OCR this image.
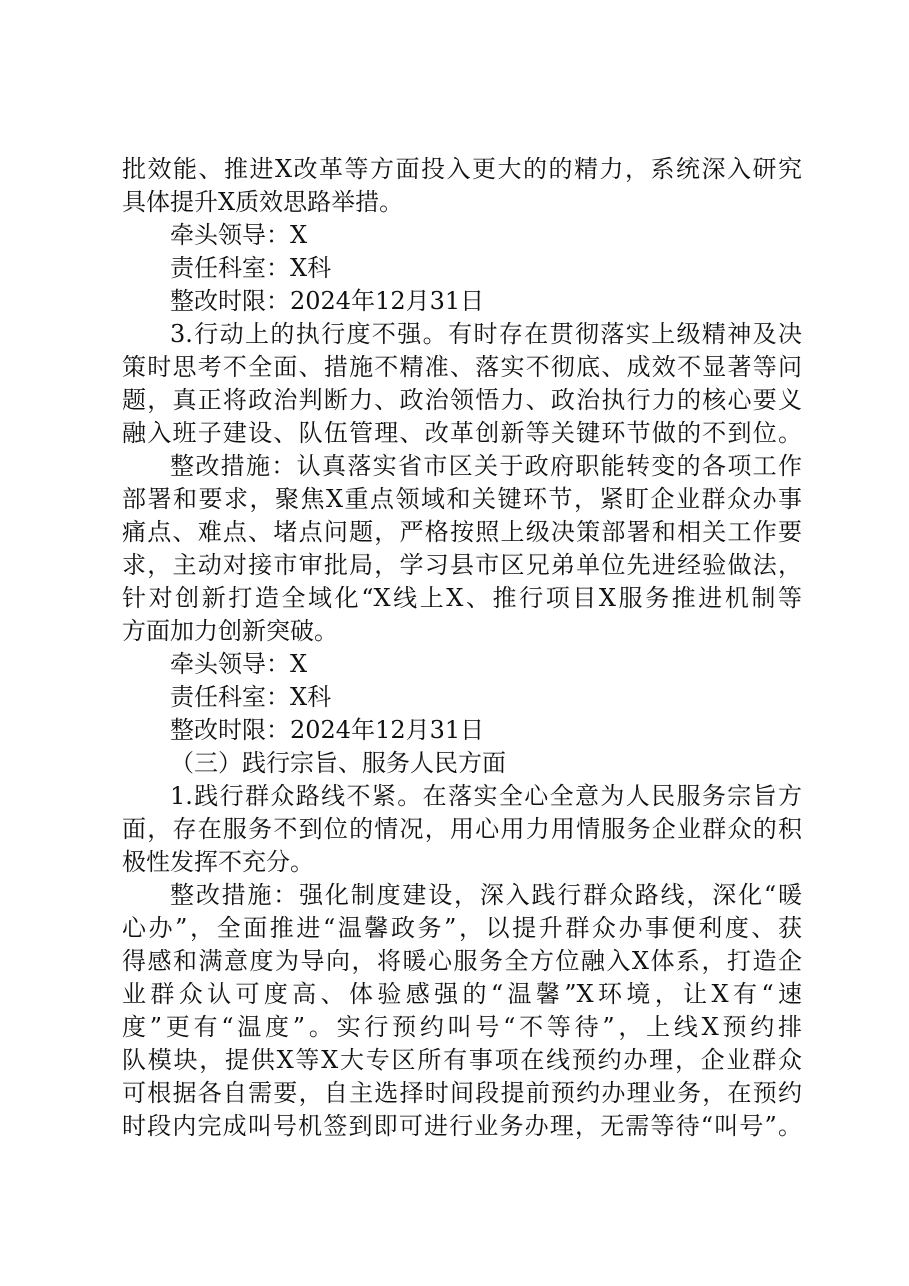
批效能、推进X改革等方面投入更大的的精力，系统深入研究
具体提升X质效思路举措。
牵头领导：X
责任科室：X科
整改时限：2024年12月31日
3.行动上的执行度不强。有时存在贯彻落实上级精神及决
策时思考不全面、措施不精准、落实不彻底、成效不显著等问
题，真正将政治判断力、政治领悟力、政治执行力的核心要义
融入班子建设、队伍管理、改革创新等关键环节做的不到位。
整改措施：认真落实省市区关于政府职能转变的各项工作
部署和要求，聚焦X重点领域和关键环节，紧盯企业群众办事
痛点、难点、堵点问题，严格按照上级决策部署和相关工作要
求，主动对接市审批局，学习县市区兄弟单位先进经验做法，
针对创新打造全域化“X线上X、推行项目X服务推进机制等
方面加力创新突破。
牵头领导：X
责任科室：X科
整改时限：2024年12月31日
（三）践行宗旨、服务人民方面
1.践行群众路线不紧。在落实全心全意为人民服务宗旨方
面，存在服务不到位的情况，用心用力用情服务企业群众的积
极性发挥不充分。
整改措施：强化制度建设，深入践行群众路线，深化“暖
心办”，全面推进“温馨政务”，以提升群众办事便利度、获
得感和满意度为导向，将暖心服务全方位融入X体系，打造企
业群众认可度高、体验感强的“温馨”X环境，让X有“速
度”更有“温度”。实行预约叫号“不等待”，上线X预约排
队模块，提供X等X大专区所有事项在线预约办理，企业群众
可根据各自需要，自主选择时间段提前预约办理业务，在预约
时段内完成叫号机签到即可进行业务办理，无需等待“叫号”。
